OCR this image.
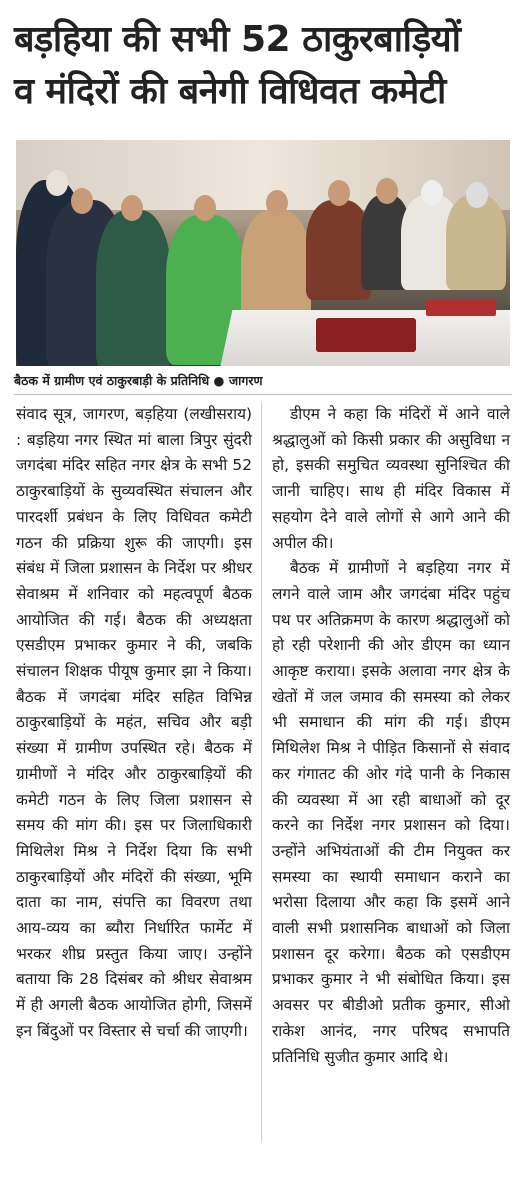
बड़हिया की सभी 52 ठाकुरबाड़ियों
व मंदिरों की बनेगी विधिवत कमेटी
बैठक में ग्रामीण एवं ठाकुरबाड़ी के प्रतिनिधि ● जागरण

संवाद सूत्र, जागरण, बड़हिया (लखीसराय) : बड़हिया नगर स्थित मां बाला त्रिपुर सुंदरी जगदंबा मंदिर सहित नगर क्षेत्र के सभी 52 ठाकुरबाड़ियों के सुव्यवस्थित संचालन और पारदर्शी प्रबंधन के लिए विधिवत कमेटी गठन की प्रक्रिया शुरू की जाएगी। इस संबंध में जिला प्रशासन के निर्देश पर श्रीधर सेवाश्रम में शनिवार को महत्वपूर्ण बैठक आयोजित की गई। बैठक की अध्यक्षता एसडीएम प्रभाकर कुमार ने की, जबकि संचालन शिक्षक पीयूष कुमार झा ने किया। बैठक में जगदंबा मंदिर सहित विभिन्न ठाकुरबाड़ियों के महंत, सचिव और बड़ी संख्या में ग्रामीण उपस्थित रहे। बैठक में ग्रामीणों ने मंदिर और ठाकुरबाड़ियों की कमेटी गठन के लिए जिला प्रशासन से समय की मांग की। इस पर जिलाधिकारी मिथिलेश मिश्र ने निर्देश दिया कि सभी ठाकुरबाड़ियों और मंदिरों की संख्या, भूमि दाता का नाम, संपत्ति का विवरण तथा आय-व्यय का ब्यौरा निर्धारित फार्मेट में भरकर शीघ्र प्रस्तुत किया जाए। उन्होंने बताया कि 28 दिसंबर को श्रीधर सेवाश्रम में ही अगली बैठक आयोजित होगी, जिसमें इन बिंदुओं पर विस्तार से चर्चा की जाएगी।

डीएम ने कहा कि मंदिरों में आने वाले श्रद्धालुओं को किसी प्रकार की असुविधा न हो, इसकी समुचित व्यवस्था सुनिश्चित की जानी चाहिए। साथ ही मंदिर विकास में सहयोग देने वाले लोगों से आगे आने की अपील की।

बैठक में ग्रामीणों ने बड़हिया नगर में लगने वाले जाम और जगदंबा मंदिर पहुंच पथ पर अतिक्रमण के कारण श्रद्धालुओं को हो रही परेशानी की ओर डीएम का ध्यान आकृष्ट कराया। इसके अलावा नगर क्षेत्र के खेतों में जल जमाव की समस्या को लेकर भी समाधान की मांग की गई। डीएम मिथिलेश मिश्र ने पीड़ित किसानों से संवाद कर गंगातट की ओर गंदे पानी के निकास की व्यवस्था में आ रही बाधाओं को दूर करने का निर्देश नगर प्रशासन को दिया। उन्होंने अभियंताओं की टीम नियुक्त कर समस्या का स्थायी समाधान कराने का भरोसा दिलाया और कहा कि इसमें आने वाली सभी प्रशासनिक बाधाओं को जिला प्रशासन दूर करेगा। बैठक को एसडीएम प्रभाकर कुमार ने भी संबोधित किया। इस अवसर पर बीडीओ प्रतीक कुमार, सीओ राकेश आनंद, नगर परिषद सभापति प्रतिनिधि सुजीत कुमार आदि थे।
